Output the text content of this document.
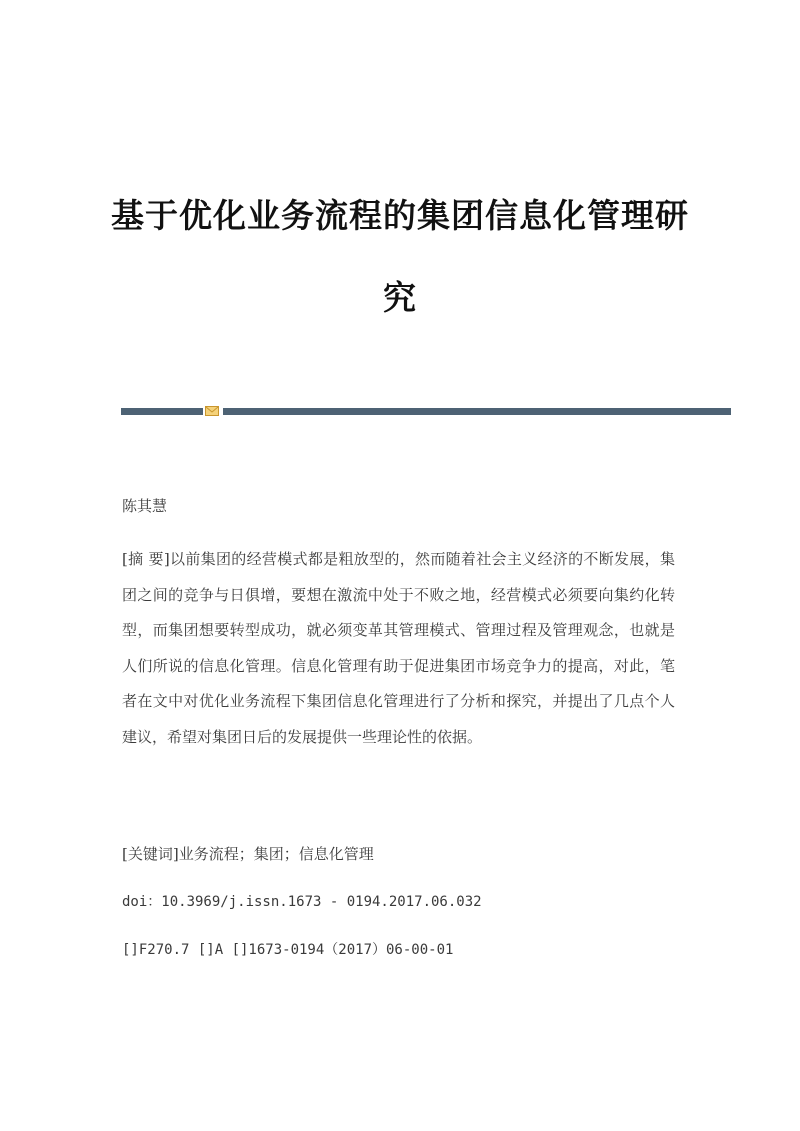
基于优化业务流程的集团信息化管理研
究
陈其慧
[摘 要]以前集团的经营模式都是粗放型的，然而随着社会主义经济的不断发展，集团之间的竞争与日俱增，要想在激流中处于不败之地，经营模式必须要向集约化转型，而集团想要转型成功，就必须变革其管理模式、管理过程及管理观念，也就是人们所说的信息化管理。信息化管理有助于促进集团市场竞争力的提高，对此，笔者在文中对优化业务流程下集团信息化管理进行了分析和探究，并提出了几点个人建议，希望对集团日后的发展提供一些理论性的依据。
[关键词]业务流程；集团；信息化管理
doi：10.3969/j.issn.1673 - 0194.2017.06.032
[]F270.7 []A []1673-0194（2017）06-00-01
